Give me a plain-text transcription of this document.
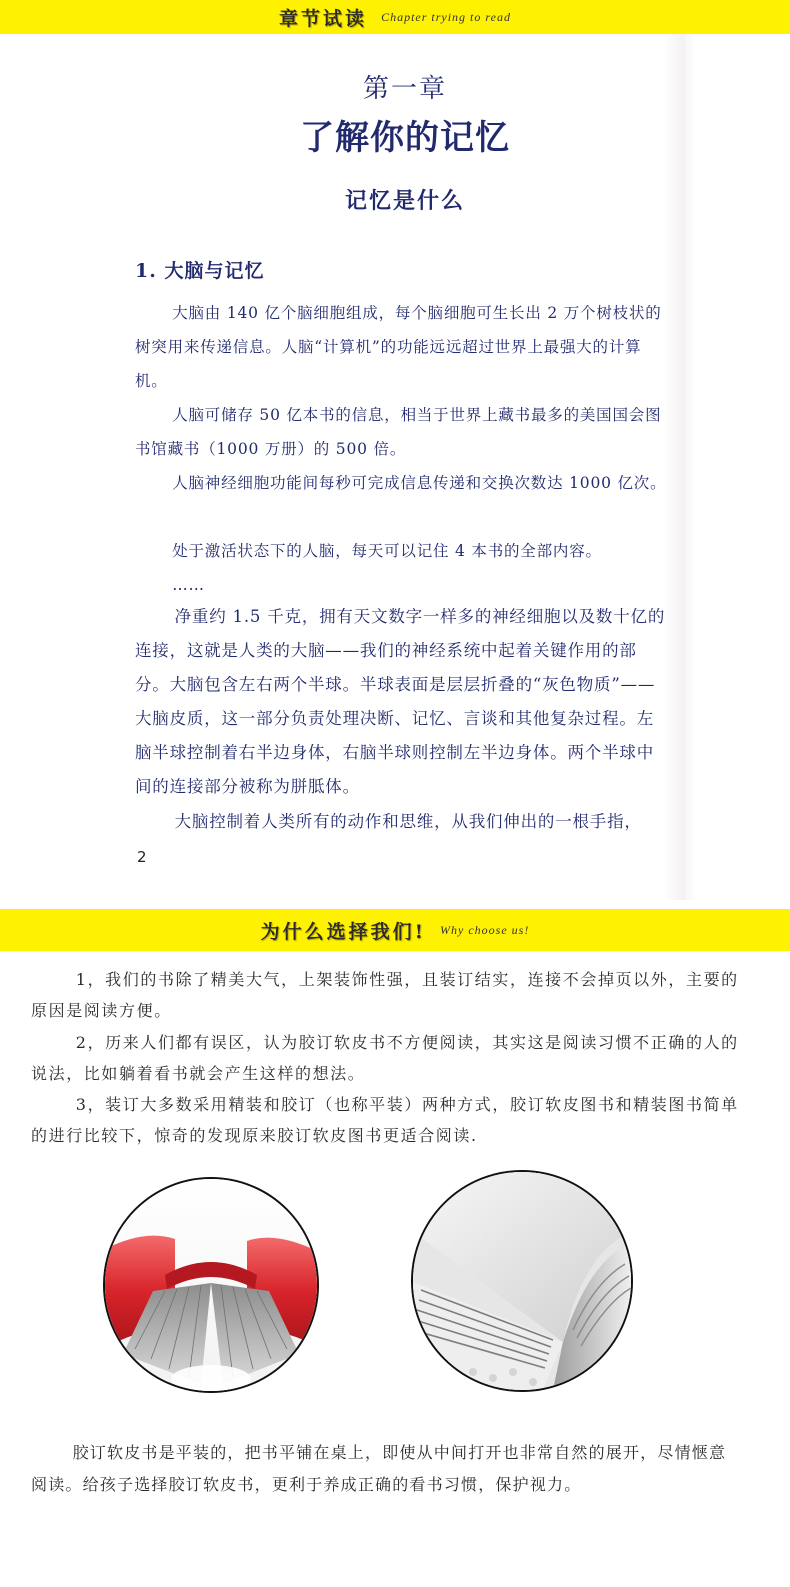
章节试读 Chapter trying to read
第一章
了解你的记忆
记忆是什么
1. 大脑与记忆

大脑由 140 亿个脑细胞组成，每个脑细胞可生长出 2 万个树枝状的树突用来传递信息。人脑“计算机”的功能远远超过世界上最强大的计算机。

人脑可储存 50 亿本书的信息，相当于世界上藏书最多的美国国会图书馆藏书（1000 万册）的 500 倍。

人脑神经细胞功能间每秒可完成信息传递和交换次数达 1000 亿次。

处于激活状态下的人脑，每天可以记住 4 本书的全部内容。

……

净重约 1.5 千克，拥有天文数字一样多的神经细胞以及数十亿的连接，这就是人类的大脑——我们的神经系统中起着关键作用的部分。大脑包含左右两个半球。半球表面是层层折叠的“灰色物质”——大脑皮质，这一部分负责处理决断、记忆、言谈和其他复杂过程。左脑半球控制着右半边身体，右脑半球则控制左半边身体。两个半球中间的连接部分被称为胼胝体。

大脑控制着人类所有的动作和思维，从我们伸出的一根手指，

2
为什么选择我们! Why choose us!

1，我们的书除了精美大气，上架装饰性强，且装订结实，连接不会掉页以外，主要的原因是阅读方便。

2，历来人们都有误区，认为胶订软皮书不方便阅读，其实这是阅读习惯不正确的人的说法，比如躺着看书就会产生这样的想法。

3，装订大多数采用精装和胶订（也称平装）两种方式，胶订软皮图书和精装图书简单的进行比较下，惊奇的发现原来胶订软皮图书更适合阅读.

胶订软皮书是平装的，把书平铺在桌上，即使从中间打开也非常自然的展开，尽情惬意阅读。给孩子选择胶订软皮书，更利于养成正确的看书习惯，保护视力。
